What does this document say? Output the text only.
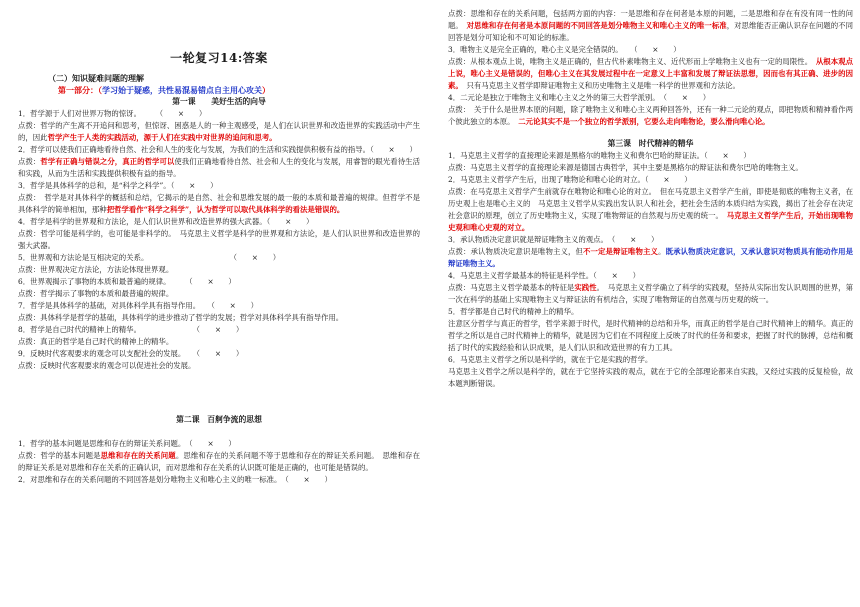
一轮复习14:答案
（二）知识疑难问题的理解
第一部分：（学习始于疑惑，共性易混易错点自主用心攻关）
第一课　　美好生活的向导

1．哲学源于人们对世界万物的惊讶。　　　（　　×　　）

点拨：哲学的产生离不开追问和思考，但惊讶、困惑是人的一种主观感受，是人们在认识世界和改造世界的实践活动中产生的，因此哲学产生于人类的实践活动，源于人们在实践中对世界的追问和思考。

2．哲学可以使我们正确地看待自然、社会和人生的变化与发展，为我们的生活和实践提供积极有益的指导。（　　×　　）

点拨：哲学有正确与错误之分，真正的哲学可以使我们正确地看待自然、社会和人生的变化与发展，用睿智的眼光看待生活和实践，从而为生活和实践提供积极有益的指导。

3．哲学是具体科学的总和，是“科学之科学”。（　　×　　）

点拨：　哲学是对具体科学的概括和总结，它揭示的是自然、社会和思维发展的最一般的本质和最普遍的规律。但哲学不是具体科学的简单相加，那种把哲学看作“科学之科学”，认为哲学可以取代具体科学的看法是错误的。

4．哲学是科学的世界观和方法论，是人们认识世界和改造世界的强大武器。（　　×　　）

点拨：哲学可能是科学的，也可能是非科学的。　马克思主义哲学是科学的世界观和方法论，是人们认识世界和改造世界的强大武器。

5．世界观和方法论是互相决定的关系。　　　　　　　　　　　　（　　×　　）

点拨：世界观决定方法论，方法论体现世界观。

6．世界观揭示了事物的本质和最普遍的规律。　　　（　　×　　）

点拨：哲学揭示了事物的本质和最普遍的规律。

7．哲学是具体科学的基础，对具体科学具有指导作用。　　（　　×　　）

点拨：具体科学是哲学的基础，具体科学的进步推动了哲学的发展；哲学对具体科学具有指导作用。

8．哲学是自己时代的精神上的精华。　　　　　　　　（　　×　　）

点拨：真正的哲学是自己时代的精神上的精华。

9．反映时代客观要求的观念可以支配社会的发展。　　（　　×　　）

点拨：反映时代客观要求的观念可以促进社会的发展。

第二课　百舸争流的思想

1．哲学的基本问题是思维和存在的辩证关系问题。　（　　×　　）

点拨：哲学的基本问题是思维和存在的关系问题。思维和存在的关系问题不等于思维和存在的辩证关系问题。　思维和存在的辩证关系是对思维和存在关系的正确认识，而对思维和存在关系的认识既可能是正确的，也可能是错误的。

2．对思维和存在的关系问题的不同回答是划分唯物主义和唯心主义的唯一标准。　（　　×　　）

点拨：思维和存在的关系问题，包括两方面的内容：一是思维和存在何者是本原的问题，二是思维和存在有没有同一性的问题。　对思维和存在何者是本原问题的不同回答是划分唯物主义和唯心主义的唯一标准，对思维能否正确认识存在问题的不同回答是划分可知论和不可知论的标准。

3．唯物主义是完全正确的，唯心主义是完全错误的。　　（　　×　　）

点拨：从根本观点上说，唯物主义是正确的，但古代朴素唯物主义、近代形而上学唯物主义也有一定的局限性。　从根本观点上说，唯心主义是错误的，但唯心主义在其发展过程中在一定意义上丰富和发展了辩证法思想，因而也有其正确、进步的因素。　只有马克思主义哲学即辩证唯物主义和历史唯物主义是唯一科学的世界观和方法论。

4．二元论是独立于唯物主义和唯心主义之外的第三大哲学派别。　（　　×　　）

点拨：　关于什么是世界本原的问题，除了唯物主义和唯心主义两种回答外，还有一种二元论的观点，即把物质和精神看作两个彼此独立的本原。　二元论其实不是一个独立的哲学派别，它要么走向唯物论，要么滑向唯心论。

第三课　时代精神的精华

1．马克思主义哲学的直接理论来源是黑格尔的唯物主义和费尔巴哈的辩证法。（　　×　　）

点拨：马克思主义哲学的直接理论来源是德国古典哲学，其中主要是黑格尔的辩证法和费尔巴哈的唯物主义。

2．马克思主义哲学产生后，出现了唯物论和唯心论的对立。（　　×　　）

点拨：在马克思主义哲学产生前就存在唯物论和唯心论的对立。　但在马克思主义哲学产生前，即使是彻底的唯物主义者，在历史观上也是唯心主义的　马克思主义哲学从实践出发认识人和社会，把社会生活的本质归结为实践，揭出了社会存在决定社会意识的原理，创立了历史唯物主义，实现了唯物辩证的自然观与历史观的统一。　马克思主义哲学产生后，开始出现唯物史观和唯心史观的对立。

3．承认物质决定意识就是辩证唯物主义的观点。　（　　×　　）

点拨：承认物质决定意识是唯物主义，但不一定是辩证唯物主义。既承认物质决定意识，又承认意识对物质具有能动作用是辩证唯物主义。

4．马克思主义哲学最基本的特征是科学性。（　　×　　）

点拨：马克思主义哲学最基本的特征是实践性。　马克思主义哲学确立了科学的实践观，坚持从实际出发认识周围的世界，第一次在科学的基础上实现唯物主义与辩证法的有机结合，实现了唯物辩证的自然观与历史观的统一。

5．哲学都是自己时代的精神上的精华。

注意区分哲学与真正的哲学，哲学来源于时代，是时代精神的总结和升华，而真正的哲学是自己时代精神上的精华。真正的哲学之所以是自己时代精神上的精华，就是因为它们在不同程度上反映了时代的任务和要求，把握了时代的脉搏，总结和概括了时代的实践经验和认识成果，是人们认识和改造世界的有力工具。

6．马克思主义哲学之所以是科学的，就在于它是实践的哲学。

马克思主义哲学之所以是科学的，就在于它坚持实践的观点，就在于它的全部理论都来自实践，又经过实践的反复检验，故本题判断错误。
